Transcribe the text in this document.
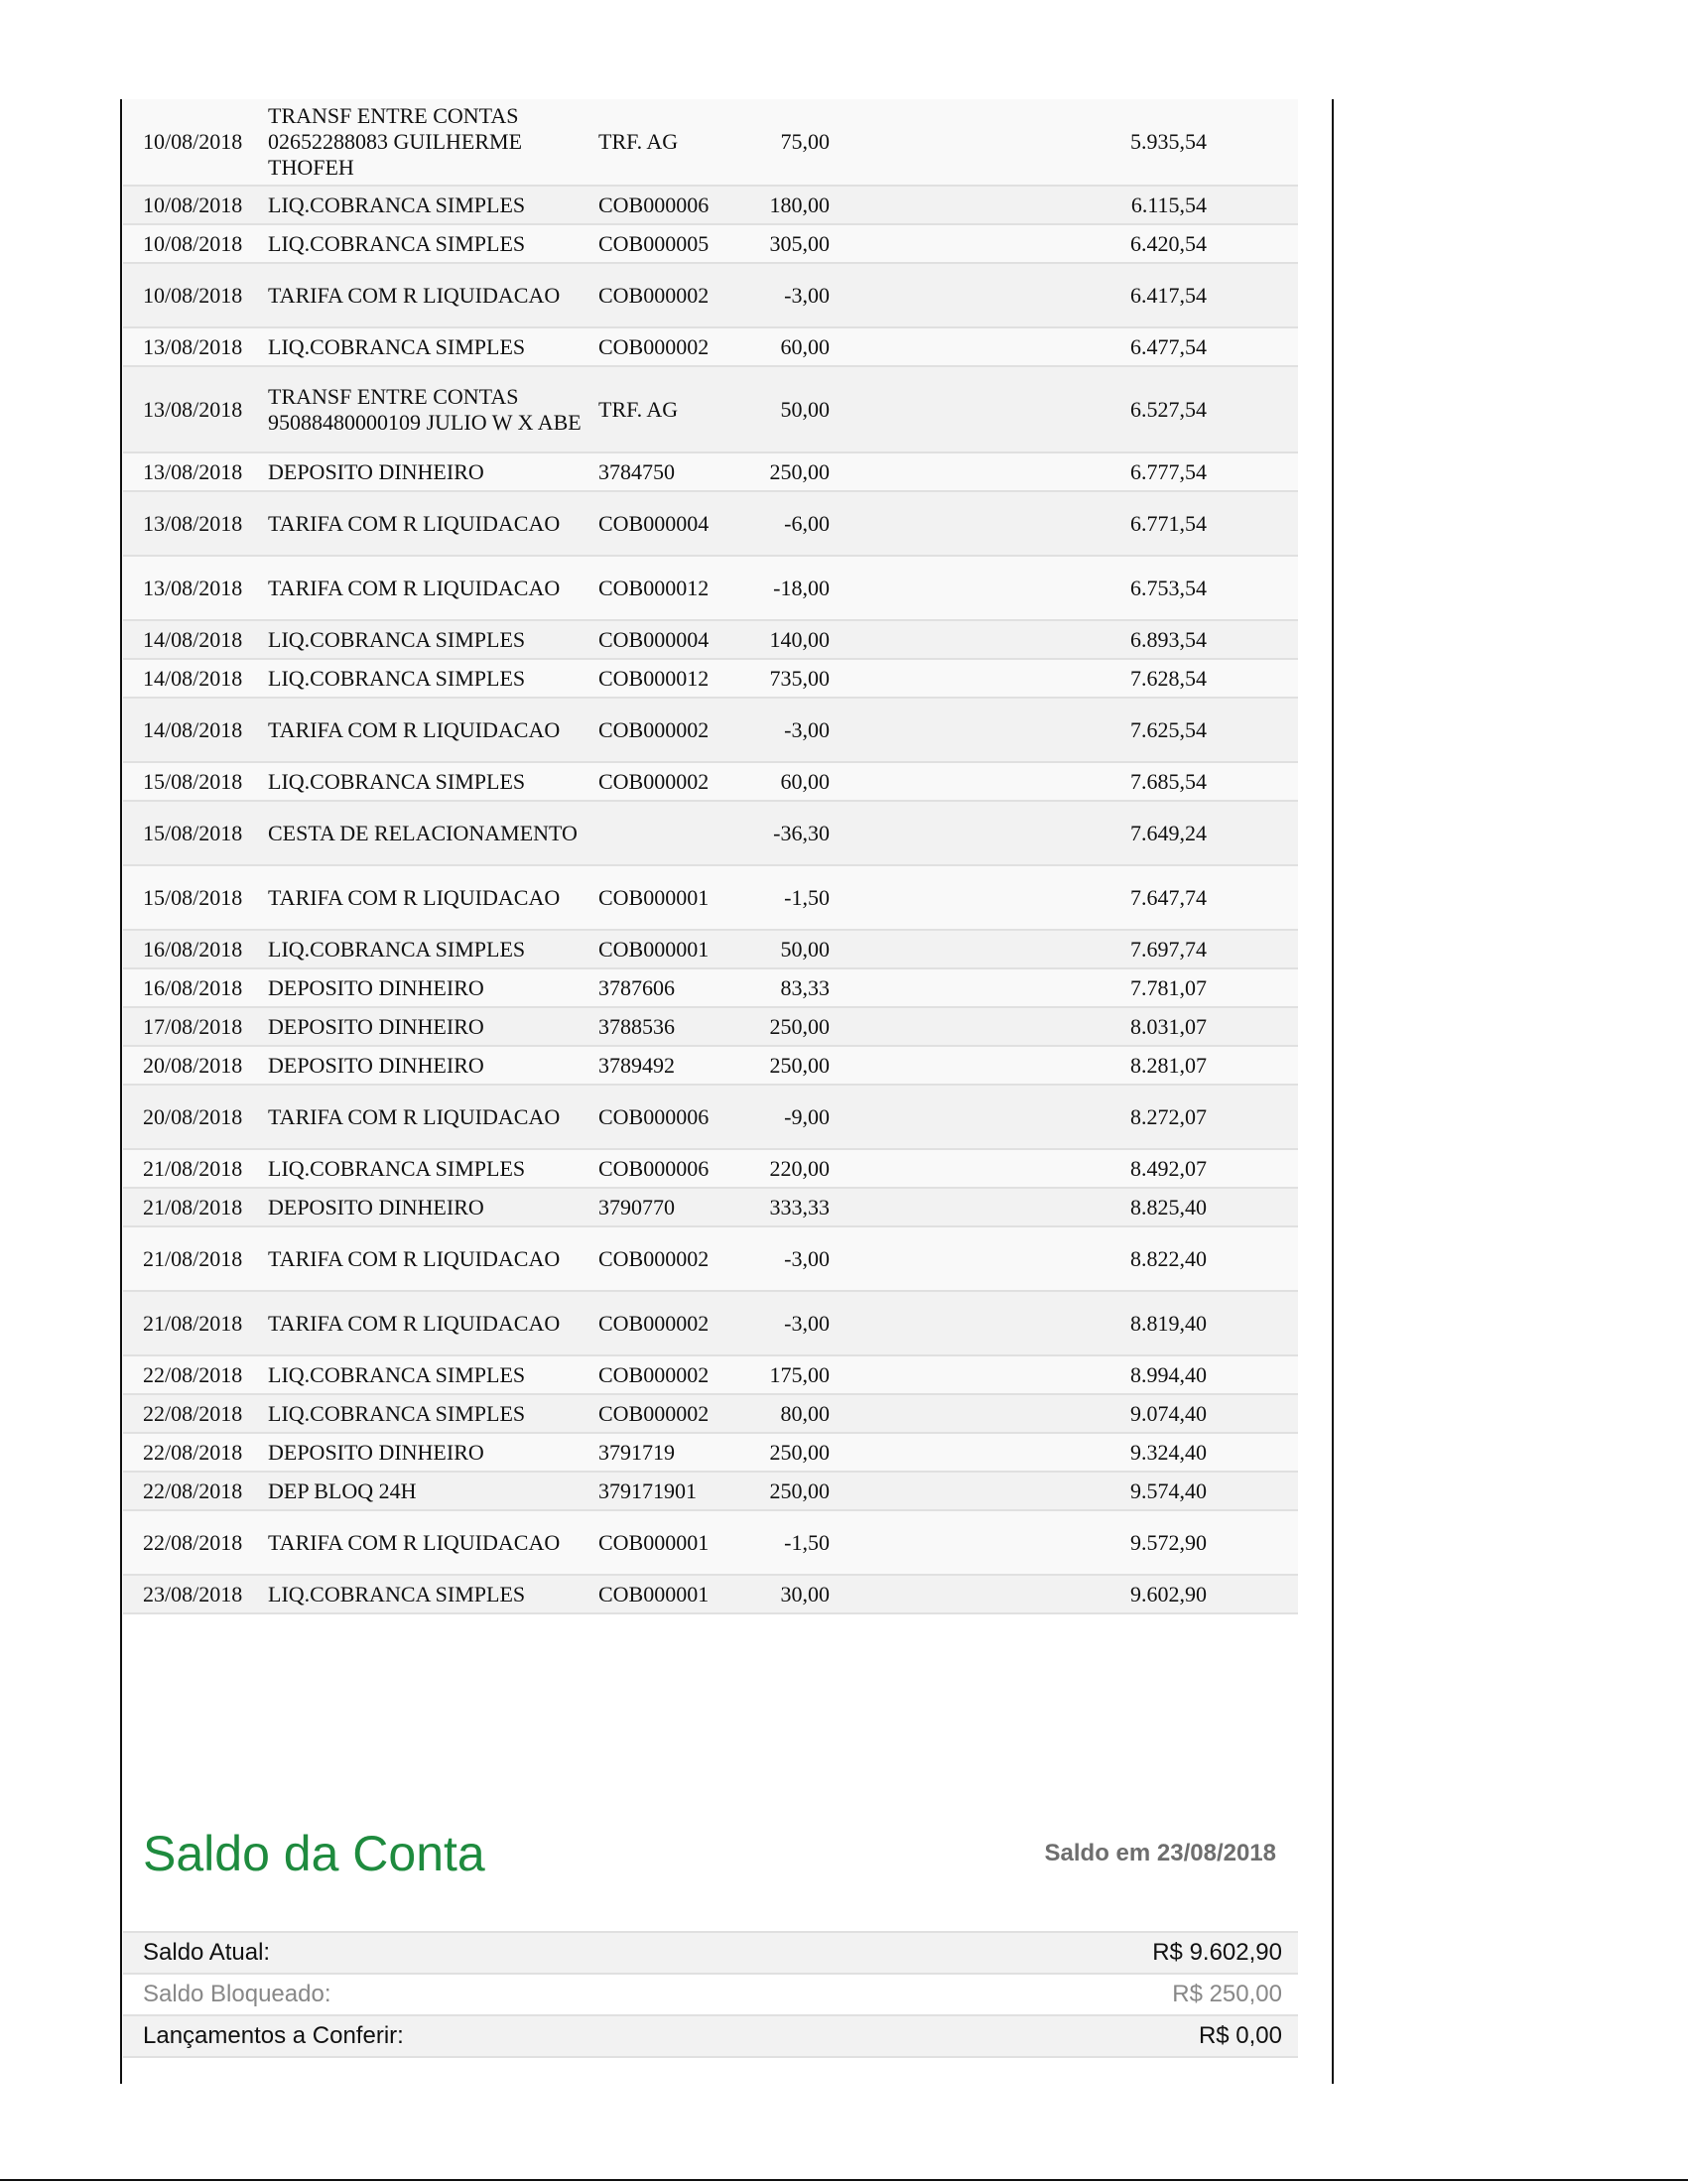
10/08/2018	TRANSF ENTRE CONTAS 02652288083 GUILHERME THOFEH	TRF. AG	75,00	5.935,54
10/08/2018	LIQ.COBRANCA SIMPLES	COB000006	180,00	6.115,54
10/08/2018	LIQ.COBRANCA SIMPLES	COB000005	305,00	6.420,54
10/08/2018	TARIFA COM R LIQUIDACAO	COB000002	-3,00	6.417,54
13/08/2018	LIQ.COBRANCA SIMPLES	COB000002	60,00	6.477,54
13/08/2018	TRANSF ENTRE CONTAS 95088480000109 JULIO W X ABE	TRF. AG	50,00	6.527,54
13/08/2018	DEPOSITO DINHEIRO	3784750	250,00	6.777,54
13/08/2018	TARIFA COM R LIQUIDACAO	COB000004	-6,00	6.771,54
13/08/2018	TARIFA COM R LIQUIDACAO	COB000012	-18,00	6.753,54
14/08/2018	LIQ.COBRANCA SIMPLES	COB000004	140,00	6.893,54
14/08/2018	LIQ.COBRANCA SIMPLES	COB000012	735,00	7.628,54
14/08/2018	TARIFA COM R LIQUIDACAO	COB000002	-3,00	7.625,54
15/08/2018	LIQ.COBRANCA SIMPLES	COB000002	60,00	7.685,54
15/08/2018	CESTA DE RELACIONAMENTO		-36,30	7.649,24
15/08/2018	TARIFA COM R LIQUIDACAO	COB000001	-1,50	7.647,74
16/08/2018	LIQ.COBRANCA SIMPLES	COB000001	50,00	7.697,74
16/08/2018	DEPOSITO DINHEIRO	3787606	83,33	7.781,07
17/08/2018	DEPOSITO DINHEIRO	3788536	250,00	8.031,07
20/08/2018	DEPOSITO DINHEIRO	3789492	250,00	8.281,07
20/08/2018	TARIFA COM R LIQUIDACAO	COB000006	-9,00	8.272,07
21/08/2018	LIQ.COBRANCA SIMPLES	COB000006	220,00	8.492,07
21/08/2018	DEPOSITO DINHEIRO	3790770	333,33	8.825,40
21/08/2018	TARIFA COM R LIQUIDACAO	COB000002	-3,00	8.822,40
21/08/2018	TARIFA COM R LIQUIDACAO	COB000002	-3,00	8.819,40
22/08/2018	LIQ.COBRANCA SIMPLES	COB000002	175,00	8.994,40
22/08/2018	LIQ.COBRANCA SIMPLES	COB000002	80,00	9.074,40
22/08/2018	DEPOSITO DINHEIRO	3791719	250,00	9.324,40
22/08/2018	DEP BLOQ 24H	379171901	250,00	9.574,40
22/08/2018	TARIFA COM R LIQUIDACAO	COB000001	-1,50	9.572,90
23/08/2018	LIQ.COBRANCA SIMPLES	COB000001	30,00	9.602,90
Saldo da Conta	Saldo em 23/08/2018
Saldo Atual:	R$ 9.602,90
Saldo Bloqueado:	R$ 250,00
Lançamentos a Conferir:	R$ 0,00
